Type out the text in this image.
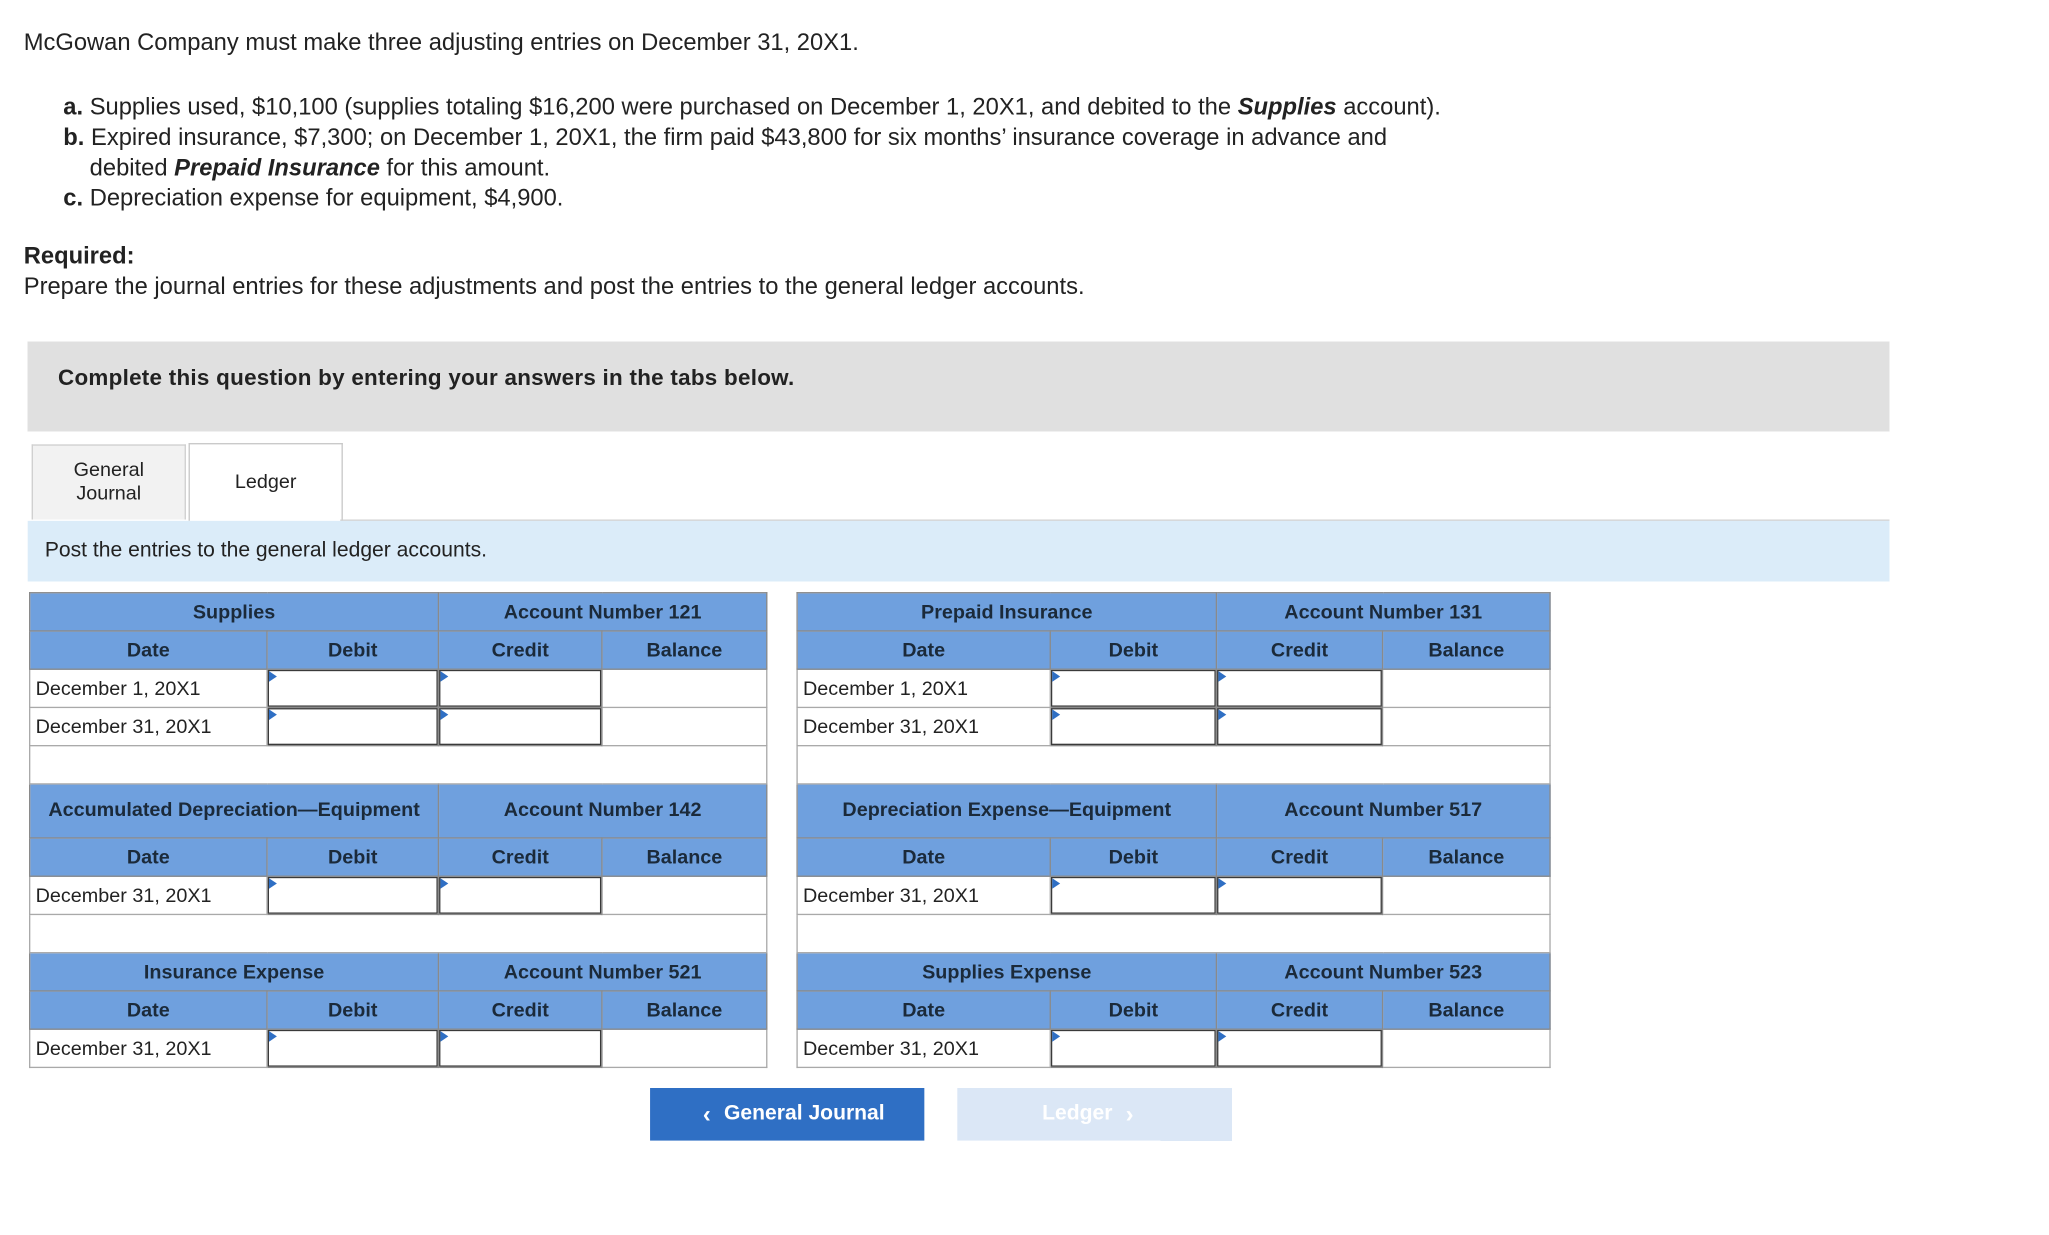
McGowan Company must make three adjusting entries on December 31, 20X1.
a. Supplies used, $10,100 (supplies totaling $16,200 were purchased on December 1, 20X1, and debited to the Supplies account).
b. Expired insurance, $7,300; on December 1, 20X1, the firm paid $43,800 for six months’ insurance coverage in advance and
debited Prepaid Insurance for this amount.
c. Depreciation expense for equipment, $4,900.
Required:
Prepare the journal entries for these adjustments and post the entries to the general ledger accounts.
Complete this question by entering your answers in the tabs below.
General Journal
Ledger
Post the entries to the general ledger accounts.
Supplies		Account Number 121	
Date	Debit	Credit	Balance
December 1, 20X1			
December 31, 20X1			

Accumulated Depreciation—Equipment		Account Number 142	
Date	Debit	Credit	Balance
December 31, 20X1			

Insurance Expense		Account Number 521	
Date	Debit	Credit	Balance
December 31, 20X1			
Prepaid Insurance		Account Number 131	
Date	Debit	Credit	Balance
December 1, 20X1			
December 31, 20X1			

Depreciation Expense—Equipment		Account Number 517	
Date	Debit	Credit	Balance
December 31, 20X1			

Supplies Expense		Account Number 523	
Date	Debit	Credit	Balance
December 31, 20X1			
‹ General Journal	Ledger ›
